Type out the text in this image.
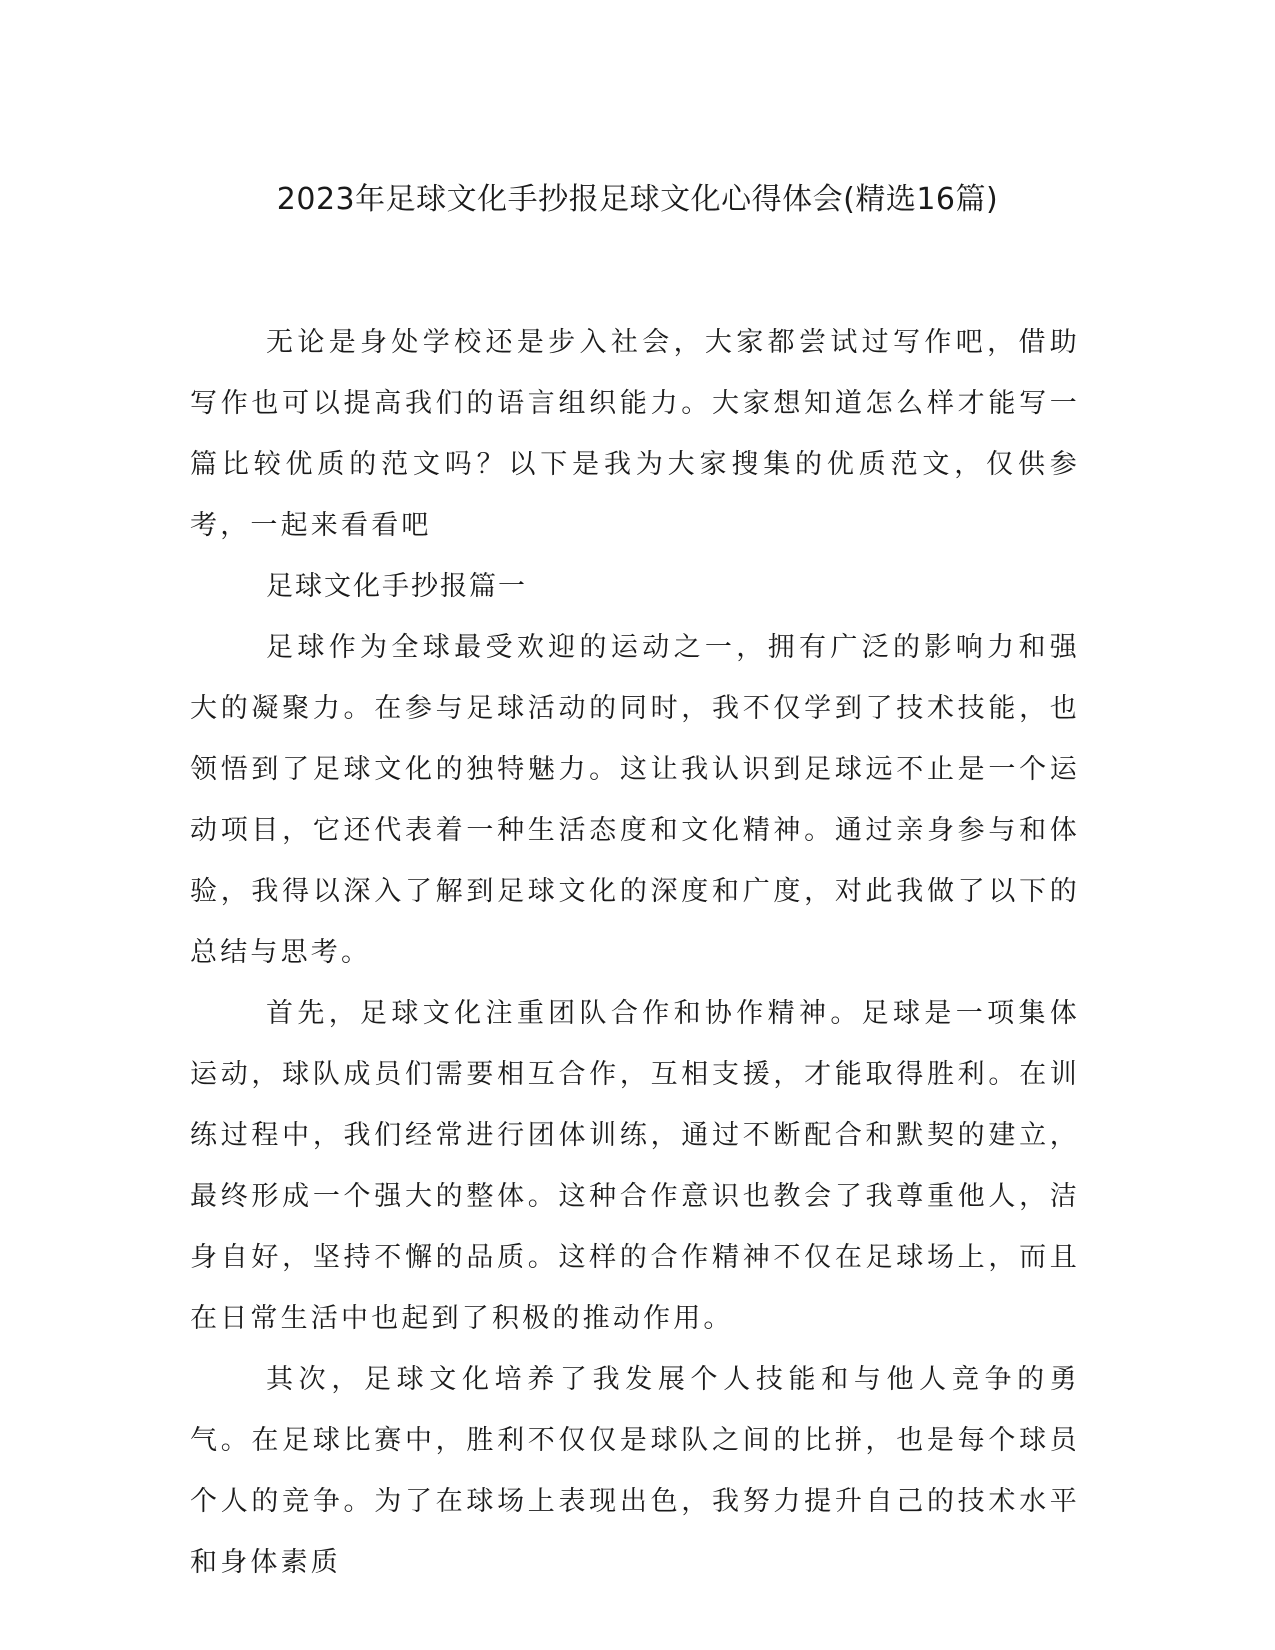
2023年足球文化手抄报足球文化心得体会(精选16篇)

无论是身处学校还是步入社会，大家都尝试过写作吧，借助写作也可以提高我们的语言组织能力。大家想知道怎么样才能写一篇比较优质的范文吗？以下是我为大家搜集的优质范文，仅供参考，一起来看看吧

足球文化手抄报篇一

足球作为全球最受欢迎的运动之一，拥有广泛的影响力和强大的凝聚力。在参与足球活动的同时，我不仅学到了技术技能，也领悟到了足球文化的独特魅力。这让我认识到足球远不止是一个运动项目，它还代表着一种生活态度和文化精神。通过亲身参与和体验，我得以深入了解到足球文化的深度和广度，对此我做了以下的总结与思考。

首先，足球文化注重团队合作和协作精神。足球是一项集体运动，球队成员们需要相互合作，互相支援，才能取得胜利。在训练过程中，我们经常进行团体训练，通过不断配合和默契的建立，最终形成一个强大的整体。这种合作意识也教会了我尊重他人，洁身自好，坚持不懈的品质。这样的合作精神不仅在足球场上，而且在日常生活中也起到了积极的推动作用。

其次，足球文化培养了我发展个人技能和与他人竞争的勇气。在足球比赛中，胜利不仅仅是球队之间的比拼，也是每个球员个人的竞争。为了在球场上表现出色，我努力提升自己的技术水平和身体素质
